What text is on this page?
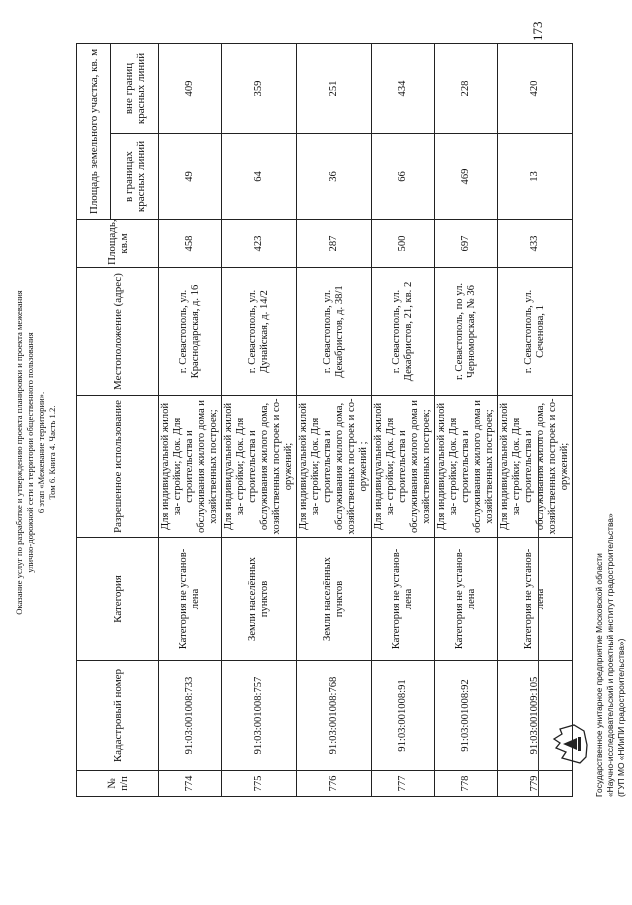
Оказание услуг по разработке и утверждению проекта планировки и проекта межевания улично-дорожной сети и территории общественного пользования 6 этап «Межевание территории». Том 6. Книга 4. Часть 1.2.
№ п/п	Кадастровый номер	Категория	Разрешенное использование	Местоположение (адрес)	Площадь, кв.м	Площадь земельного участка, кв. м	
						в границах красных линий	вне границ красных линий
774	91:03:001008:733	Категория не установ- лена	Для индивидуальной жилой за- стройки; Док. Для строительства и обслуживания жилого дома и хозяйственных построек;	г. Севастополь, ул. Краснодарская, д. 16	458	49	409
775	91:03:001008:757	Земли населённых пунктов	Для индивидуальной жилой за- стройки; Док. Для строительства и обслуживания жилого дома, хозяйственных построек и со- оружений;	г. Севастополь, ул. Дунайская, д. 14/2	423	64	359
776	91:03:001008:768	Земли населённых пунктов	Для индивидуальной жилой за- стройки; Док. Для строительства и обслуживания жилого дома, хозяйственных построек и со- оружений ;	г. Севастополь, ул. Декабристов, д. 38/1	287	36	251
777	91:03:001008:91	Категория не установ- лена	Для индивидуальной жилой за- стройки; Док. Для строительства и обслуживания жилого дома и хозяйственных построек;	г. Севастополь, ул. Декабристов, 21, кв. 2	500	66	434
778	91:03:001008:92	Категория не установ- лена	Для индивидуальной жилой за- стройки; Док. Для строительства и обслуживания жилого дома и хозяйственных построек;	г. Севастополь, по ул. Черноморская, № 36	697	469	228
779	91:03:001009:105	Категория не установ- лена	Для индивидуальной жилой за- стройки; Док. Для строительства и обслуживания жилого дома, хозяйственных построек и со- оружений;	г. Севастополь, ул. Сеченова, 1	433	13	420
173
Государственное унитарное предприятие Московской области «Научно-исследовательский и проектный институт градостроительства» (ГУП МО «НИиПИ градостроительства»)
